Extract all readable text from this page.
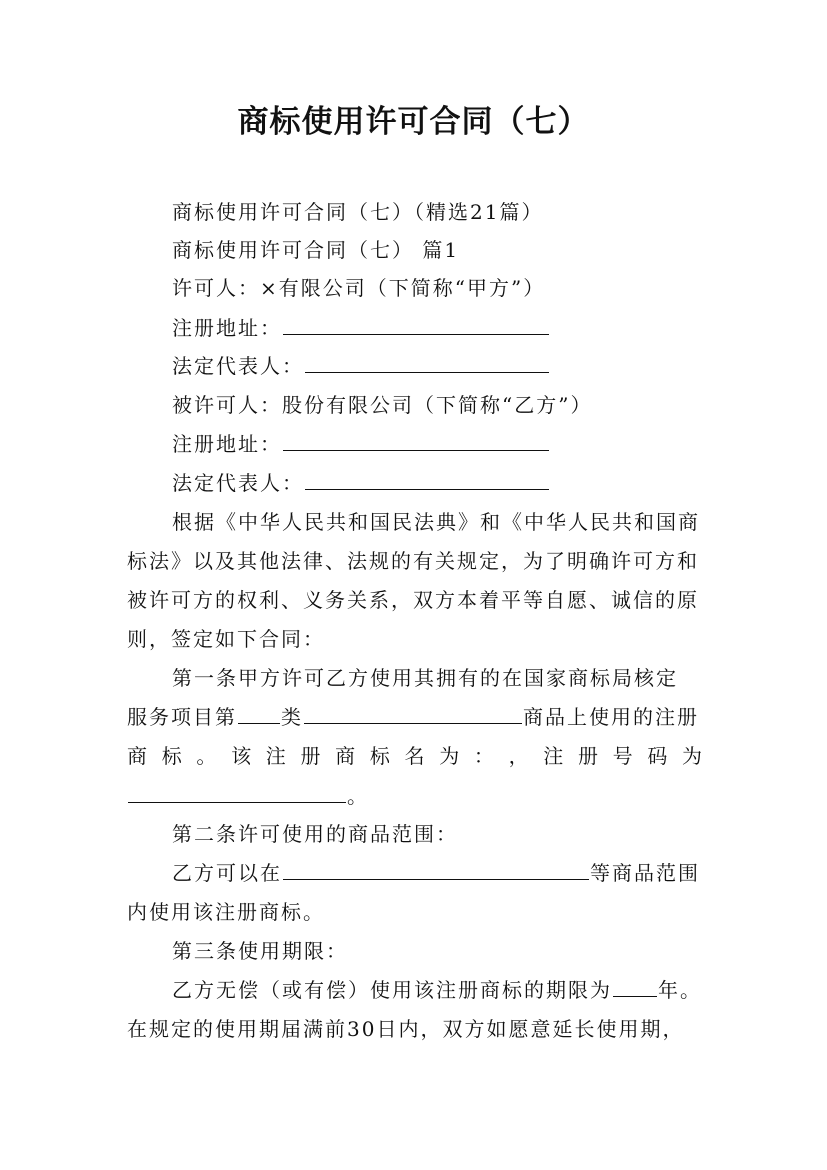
商标使用许可合同（七）
商标使用许可合同（七）（精选21篇）
商标使用许可合同（七） 篇1
许可人：×有限公司（下简称“甲方”）
注册地址：
法定代表人：
被许可人：股份有限公司（下简称“乙方”）
注册地址：
法定代表人：
根据《中华人民共和国民法典》和《中华人民共和国商
标法》以及其他法律、法规的有关规定，为了明确许可方和
被许可方的权利、义务关系，双方本着平等自愿、诚信的原
则，签定如下合同：
第一条甲方许可乙方使用其拥有的在国家商标局核定
服务项目第 类	商品上使用的注册
商 标 。 该 注 册 商 标 名 为 ： ， 注 册 号 码 为
。
第二条许可使用的商品范围：
乙方可以在	等商品范围
内使用该注册商标。
第三条使用期限：
乙方无偿（或有偿）使用该注册商标的期限为 年。
在规定的使用期届满前30日内，双方如愿意延长使用期，
